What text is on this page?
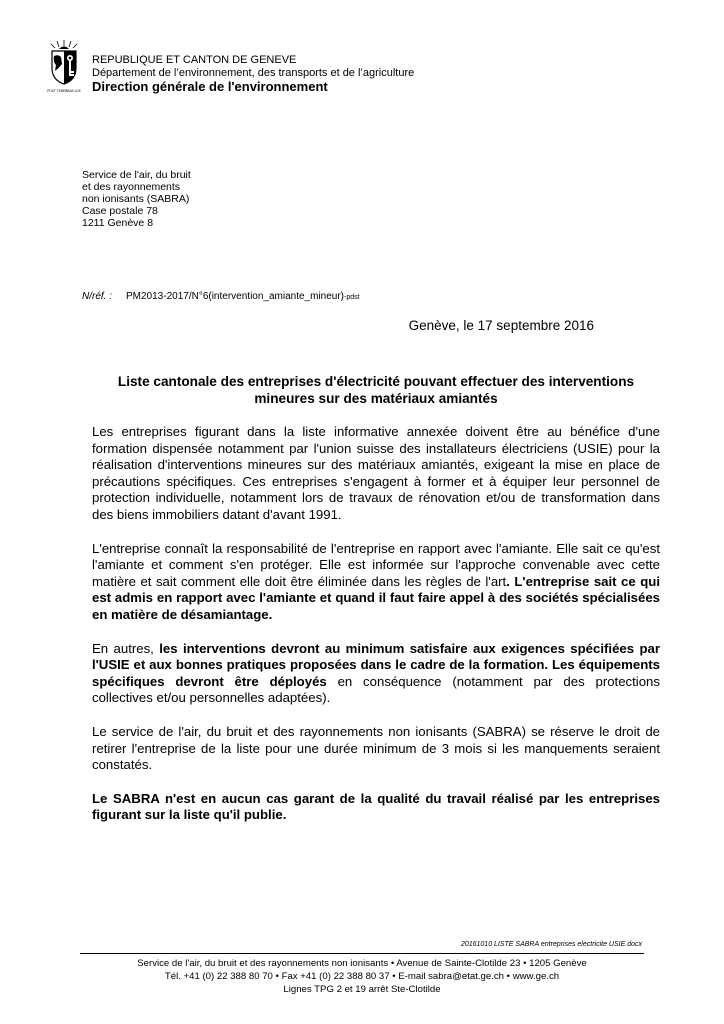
POST TENEBRAS LUX
REPUBLIQUE ET CANTON DE GENEVE
Département de l’environnement, des transports et de l’agriculture
Direction générale de l'environnement
Service de l'air, du bruit
et des rayonnements
non ionisants (SABRA)
Case postale 78
1211 Genève 8
N/réf. : PM2013-2017/N°6(intervention_amiante_mineur)-pdst
Genève, le 17 septembre 2016
Liste cantonale des entreprises d'électricité pouvant effectuer des interventions mineures sur des matériaux amiantés

Les entreprises figurant dans la liste informative annexée doivent être au bénéfice d'une formation dispensée notamment par l'union suisse des installateurs électriciens (USIE) pour la réalisation d'interventions mineures sur des matériaux amiantés, exigeant la mise en place de précautions spécifiques. Ces entreprises s'engagent à former et à équiper leur personnel de protection individuelle, notamment lors de travaux de rénovation et/ou de transformation dans des biens immobiliers datant d'avant 1991.

L'entreprise connaît la responsabilité de l'entreprise en rapport avec l'amiante. Elle sait ce qu'est l'amiante et comment s'en protéger. Elle est informée sur l'approche convenable avec cette matière et sait comment elle doit être éliminée dans les règles de l'art. L'entreprise sait ce qui est admis en rapport avec l'amiante et quand il faut faire appel à des sociétés spécialisées en matière de désamiantage.

En autres, les interventions devront au minimum satisfaire aux exigences spécifiées par l'USIE et aux bonnes pratiques proposées dans le cadre de la formation. Les équipements spécifiques devront être déployés en conséquence (notamment par des protections collectives et/ou personnelles adaptées).

Le service de l'air, du bruit et des rayonnements non ionisants (SABRA) se réserve le droit de retirer l'entreprise de la liste pour une durée minimum de 3 mois si les manquements seraient constatés.

Le SABRA n'est en aucun cas garant de la qualité du travail réalisé par les entreprises figurant sur la liste qu'il publie.

20161010 LISTE SABRA entreprises electricite USIE.docx
Service de l'air, du bruit et des rayonnements non ionisants • Avenue de Sainte-Clotilde 23 • 1205 Genève
Tél. +41 (0) 22 388 80 70 • Fax +41 (0) 22 388 80 37 • E-mail sabra@etat.ge.ch • www.ge.ch
Lignes TPG 2 et 19 arrêt Ste-Clotilde
